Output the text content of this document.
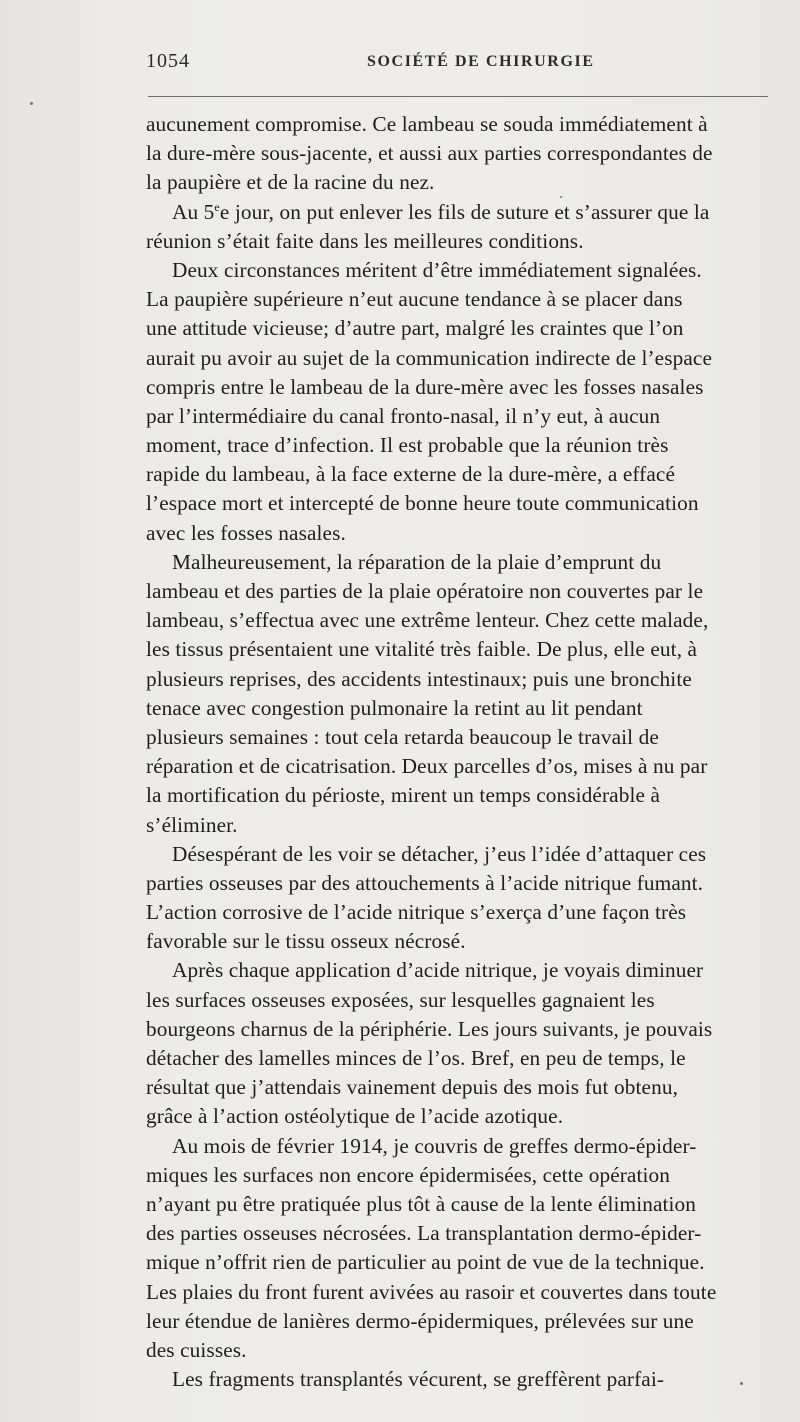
1054	SOCIÉTÉ DE CHIRURGIE
aucunement compromise. Ce lambeau se souda immédiatement à
la dure-mère sous-jacente, et aussi aux parties correspondantes de
la paupière et de la racine du nez.
Au 5ee jour, on put enlever les fils de suture et s’assurer que la
réunion s’était faite dans les meilleures conditions.
Deux circonstances méritent d’être immédiatement signalées.
La paupière supérieure n’eut aucune tendance à se placer dans
une attitude vicieuse; d’autre part, malgré les craintes que l’on
aurait pu avoir au sujet de la communication indirecte de l’espace
compris entre le lambeau de la dure-mère avec les fosses nasales
par l’intermédiaire du canal fronto-nasal, il n’y eut, à aucun
moment, trace d’infection. Il est probable que la réunion très
rapide du lambeau, à la face externe de la dure-mère, a effacé
l’espace mort et intercepté de bonne heure toute communication
avec les fosses nasales.
Malheureusement, la réparation de la plaie d’emprunt du
lambeau et des parties de la plaie opératoire non couvertes par le
lambeau, s’effectua avec une extrême lenteur. Chez cette malade,
les tissus présentaient une vitalité très faible. De plus, elle eut, à
plusieurs reprises, des accidents intestinaux; puis une bronchite
tenace avec congestion pulmonaire la retint au lit pendant
plusieurs semaines : tout cela retarda beaucoup le travail de
réparation et de cicatrisation. Deux parcelles d’os, mises à nu par
la mortification du périoste, mirent un temps considérable à
s’éliminer.
Désespérant de les voir se détacher, j’eus l’idée d’attaquer ces
parties osseuses par des attouchements à l’acide nitrique fumant.
L’action corrosive de l’acide nitrique s’exerça d’une façon très
favorable sur le tissu osseux nécrosé.
Après chaque application d’acide nitrique, je voyais diminuer
les surfaces osseuses exposées, sur lesquelles gagnaient les
bourgeons charnus de la périphérie. Les jours suivants, je pouvais
détacher des lamelles minces de l’os. Bref, en peu de temps, le
résultat que j’attendais vainement depuis des mois fut obtenu,
grâce à l’action ostéolytique de l’acide azotique.
Au mois de février 1914, je couvris de greffes dermo-épider-
miques les surfaces non encore épidermisées, cette opération
n’ayant pu être pratiquée plus tôt à cause de la lente élimination
des parties osseuses nécrosées. La transplantation dermo-épider-
mique n’offrit rien de particulier au point de vue de la technique.
Les plaies du front furent avivées au rasoir et couvertes dans toute
leur étendue de lanières dermo-épidermiques, prélevées sur une
des cuisses.
Les fragments transplantés vécurent, se greffèrent parfai-
